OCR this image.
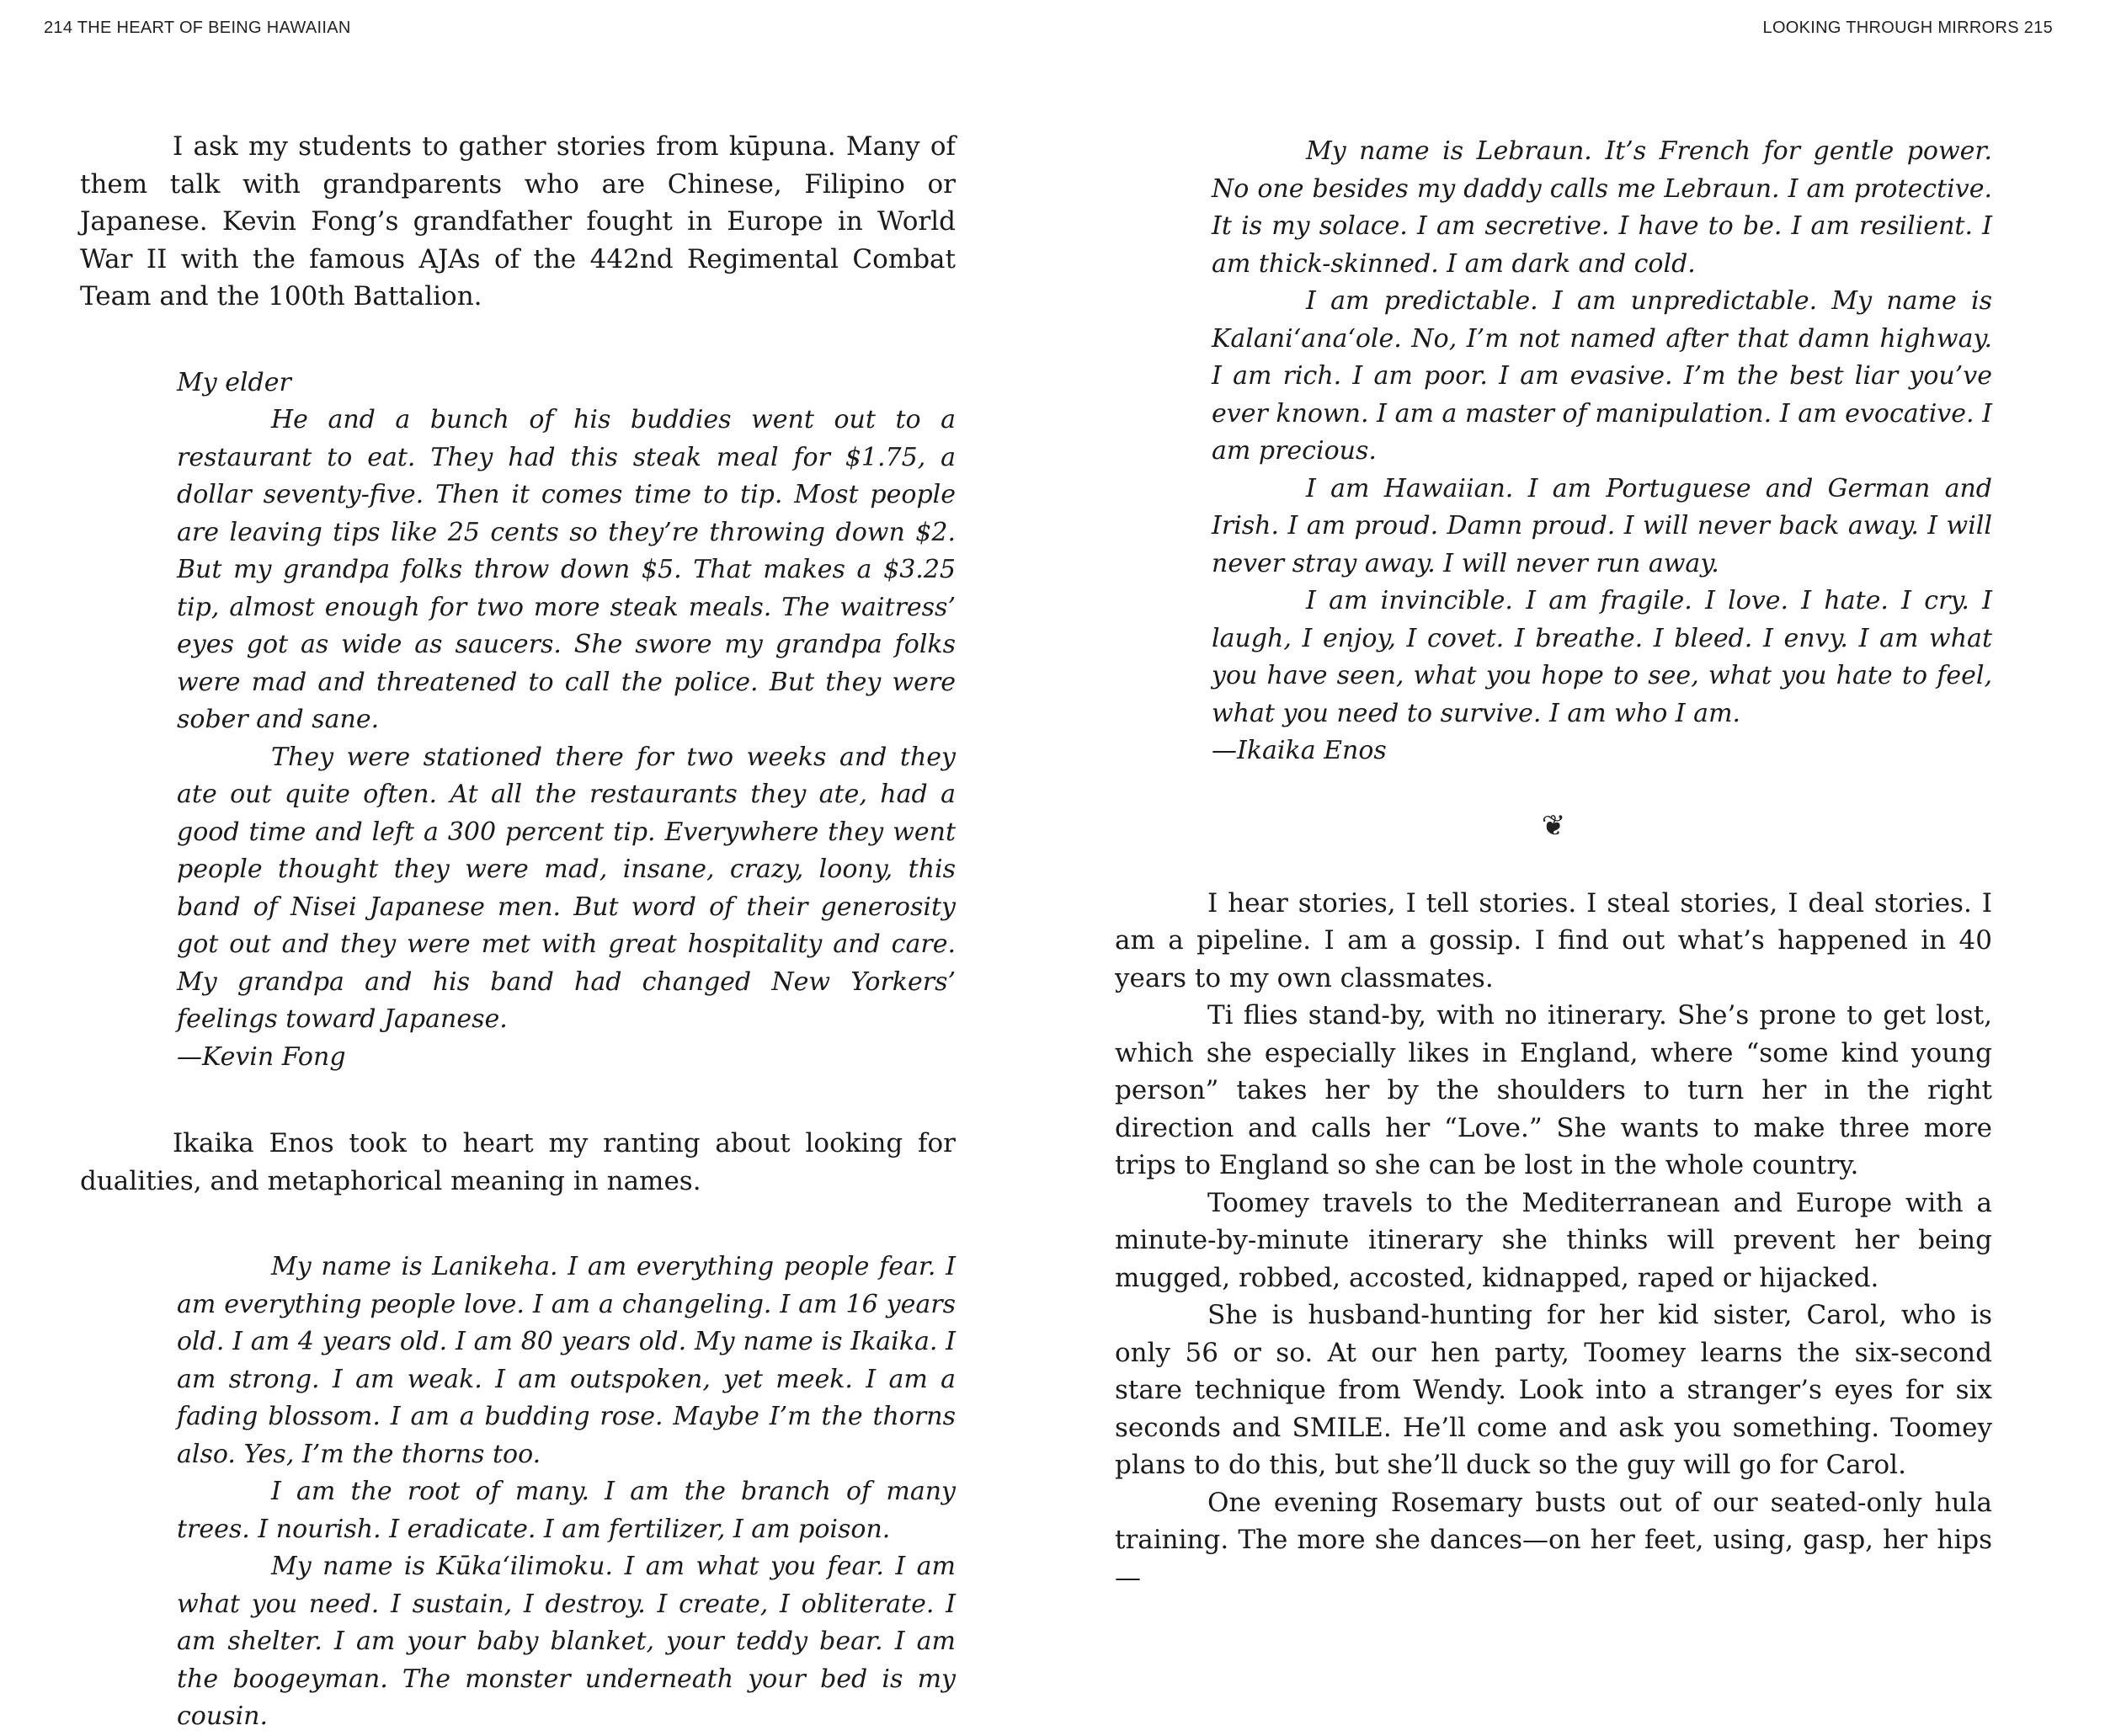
214 THE HEART OF BEING HAWAIIAN

I ask my students to gather stories from kūpuna. Many of them talk with grandparents who are Chinese, Filipino or Japanese. Kevin Fong’s grandfather fought in Europe in World War II with the famous AJAs of the 442nd Regimental Combat Team and the 100th Battalion.

My elder

He and a bunch of his buddies went out to a restaurant to eat. They had this steak meal for $1.75, a dollar seventy-five. Then it comes time to tip. Most people are leaving tips like 25 cents so they’re throwing down $2. But my grandpa folks throw down $5. That makes a $3.25 tip, almost enough for two more steak meals. The waitress’ eyes got as wide as saucers. She swore my grandpa folks were mad and threatened to call the police. But they were sober and sane.

They were stationed there for two weeks and they ate out quite often. At all the restaurants they ate, had a good time and left a 300 percent tip. Everywhere they went people thought they were mad, insane, crazy, loony, this band of Nisei Japanese men. But word of their generosity got out and they were met with great hospitality and care. My grandpa and his band had changed New Yorkers’ feelings toward Japanese.

—Kevin Fong

Ikaika Enos took to heart my ranting about looking for dualities, and metaphorical meaning in names.

My name is Lanikeha. I am everything people fear. I am everything people love. I am a changeling. I am 16 years old. I am 4 years old. I am 80 years old. My name is Ikaika. I am strong. I am weak. I am outspoken, yet meek. I am a fading blossom. I am a budding rose. Maybe I’m the thorns also. Yes, I’m the thorns too.

I am the root of many. I am the branch of many trees. I nourish. I eradicate. I am fertilizer, I am poison.

My name is Kūka‘ilimoku. I am what you fear. I am what you need. I sustain, I destroy. I create, I obliterate. I am shelter. I am your baby blanket, your teddy bear. I am the boogeyman. The monster underneath your bed is my cousin.

LOOKING THROUGH MIRRORS 215

My name is Lebraun. It’s French for gentle power. No one besides my daddy calls me Lebraun. I am protective. It is my solace. I am secretive. I have to be. I am resilient. I am thick-skinned. I am dark and cold.

I am predictable. I am unpredictable. My name is Kalani‘ana‘ole. No, I’m not named after that damn highway. I am rich. I am poor. I am evasive. I’m the best liar you’ve ever known. I am a master of manipulation. I am evocative. I am precious.

I am Hawaiian. I am Portuguese and German and Irish. I am proud. Damn proud. I will never back away. I will never stray away. I will never run away.

I am invincible. I am fragile. I love. I hate. I cry. I laugh, I enjoy, I covet. I breathe. I bleed. I envy. I am what you have seen, what you hope to see, what you hate to feel, what you need to survive. I am who I am.

—Ikaika Enos

❦

I hear stories, I tell stories. I steal stories, I deal stories. I am a pipeline. I am a gossip. I find out what’s happened in 40 years to my own classmates.

Ti flies stand-by, with no itinerary. She’s prone to get lost, which she especially likes in England, where “some kind young person” takes her by the shoulders to turn her in the right direction and calls her “Love.” She wants to make three more trips to England so she can be lost in the whole country.

Toomey travels to the Mediterranean and Europe with a minute-by-minute itinerary she thinks will prevent her being mugged, robbed, accosted, kidnapped, raped or hijacked.

She is husband-hunting for her kid sister, Carol, who is only 56 or so. At our hen party, Toomey learns the six-second stare technique from Wendy. Look into a stranger’s eyes for six seconds and SMILE. He’ll come and ask you something. Toomey plans to do this, but she’ll duck so the guy will go for Carol.

One evening Rosemary busts out of our seated-only hula training. The more she dances—on her feet, using, gasp, her hips—
